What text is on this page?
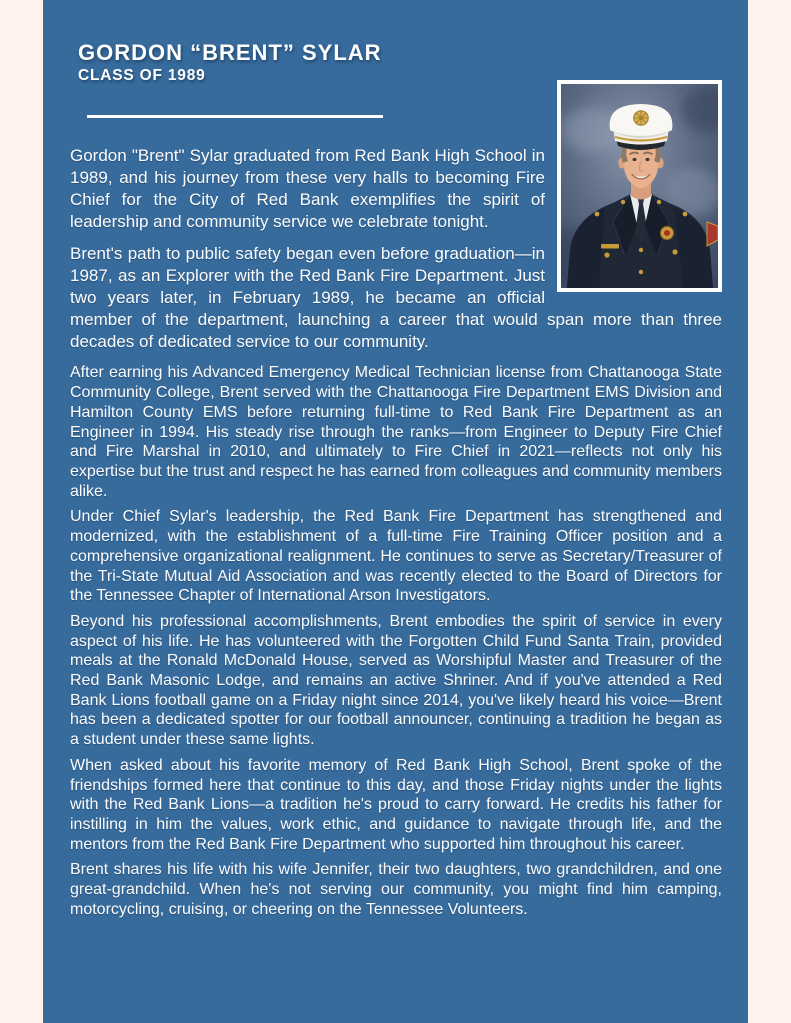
GORDON “BRENT” SYLAR
CLASS OF 1989

Gordon "Brent" Sylar graduated from Red Bank High School in 1989, and his journey from these very halls to becoming Fire Chief for the City of Red Bank exemplifies the spirit of leadership and community service we celebrate tonight.

Brent's path to public safety began even before graduation—in 1987, as an Explorer with the Red Bank Fire Department. Just two years later, in February 1989, he became an official member of the department, launching a career that would span more than three decades of dedicated service to our community.

After earning his Advanced Emergency Medical Technician license from Chattanooga State Community College, Brent served with the Chattanooga Fire Department EMS Division and Hamilton County EMS before returning full-time to Red Bank Fire Department as an Engineer in 1994. His steady rise through the ranks—from Engineer to Deputy Fire Chief and Fire Marshal in 2010, and ultimately to Fire Chief in 2021—reflects not only his expertise but the trust and respect he has earned from colleagues and community members alike.

Under Chief Sylar's leadership, the Red Bank Fire Department has strengthened and modernized, with the establishment of a full-time Fire Training Officer position and a comprehensive organizational realignment. He continues to serve as Secretary/Treasurer of the Tri-State Mutual Aid Association and was recently elected to the Board of Directors for the Tennessee Chapter of International Arson Investigators.

Beyond his professional accomplishments, Brent embodies the spirit of service in every aspect of his life. He has volunteered with the Forgotten Child Fund Santa Train, provided meals at the Ronald McDonald House, served as Worshipful Master and Treasurer of the Red Bank Masonic Lodge, and remains an active Shriner. And if you've attended a Red Bank Lions football game on a Friday night since 2014, you've likely heard his voice—Brent has been a dedicated spotter for our football announcer, continuing a tradition he began as a student under these same lights.

When asked about his favorite memory of Red Bank High School, Brent spoke of the friendships formed here that continue to this day, and those Friday nights under the lights with the Red Bank Lions—a tradition he's proud to carry forward. He credits his father for instilling in him the values, work ethic, and guidance to navigate through life, and the mentors from the Red Bank Fire Department who supported him throughout his career.

Brent shares his life with his wife Jennifer, their two daughters, two grandchildren, and one great-grandchild. When he's not serving our community, you might find him camping, motorcycling, cruising, or cheering on the Tennessee Volunteers.
